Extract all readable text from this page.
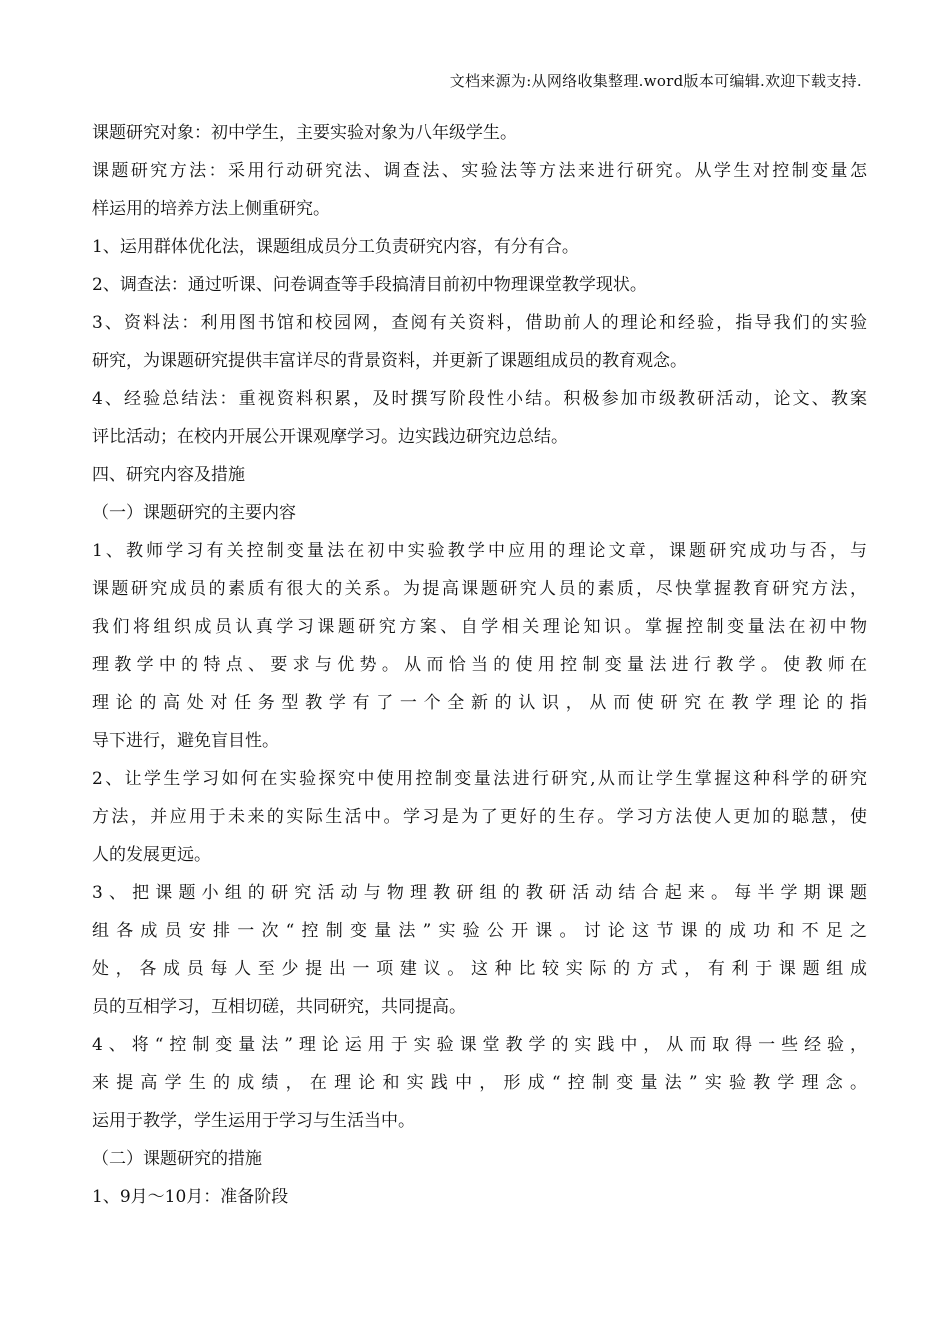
文档来源为:从网络收集整理.word版本可编辑.欢迎下载支持.
课题研究对象：初中学生，主要实验对象为八年级学生。
课题研究方法：采用行动研究法、调查法、实验法等方法来进行研究。从学生对控制变量怎
样运用的培养方法上侧重研究。
1、运用群体优化法，课题组成员分工负责研究内容，有分有合。
2、调查法：通过听课、问卷调查等手段搞清目前初中物理课堂教学现状。
3、资料法：利用图书馆和校园网，查阅有关资料，借助前人的理论和经验，指导我们的实验
研究，为课题研究提供丰富详尽的背景资料，并更新了课题组成员的教育观念。
4、经验总结法：重视资料积累，及时撰写阶段性小结。积极参加市级教研活动，论文、教案
评比活动；在校内开展公开课观摩学习。边实践边研究边总结。
四、研究内容及措施
（一）课题研究的主要内容
1、教师学习有关控制变量法在初中实验教学中应用的理论文章，课题研究成功与否，与
课题研究成员的素质有很大的关系。为提高课题研究人员的素质，尽快掌握教育研究方法，
我们将组织成员认真学习课题研究方案、自学相关理论知识。掌握控制变量法在初中物
理教学中的特点、要求与优势。从而恰当的使用控制变量法进行教学。使教师在
理论的高处对任务型教学有了一个全新的认识，从而使研究在教学理论的指
导下进行，避免盲目性。
2、让学生学习如何在实验探究中使用控制变量法进行研究,从而让学生掌握这种科学的研究
方法，并应用于未来的实际生活中。学习是为了更好的生存。学习方法使人更加的聪慧，使
人的发展更远。
3、把课题小组的研究活动与物理教研组的教研活动结合起来。每半学期课题
组各成员安排一次“控制变量法”实验公开课。讨论这节课的成功和不足之
处，各成员每人至少提出一项建议。这种比较实际的方式，有利于课题组成
员的互相学习，互相切磋，共同研究，共同提高。
4、将“控制变量法”理论运用于实验课堂教学的实践中，从而取得一些经验，
来提高学生的成绩，在理论和实践中，形成“控制变量法”实验教学理念。
运用于教学，学生运用于学习与生活当中。
（二）课题研究的措施
1、9月～10月：准备阶段
